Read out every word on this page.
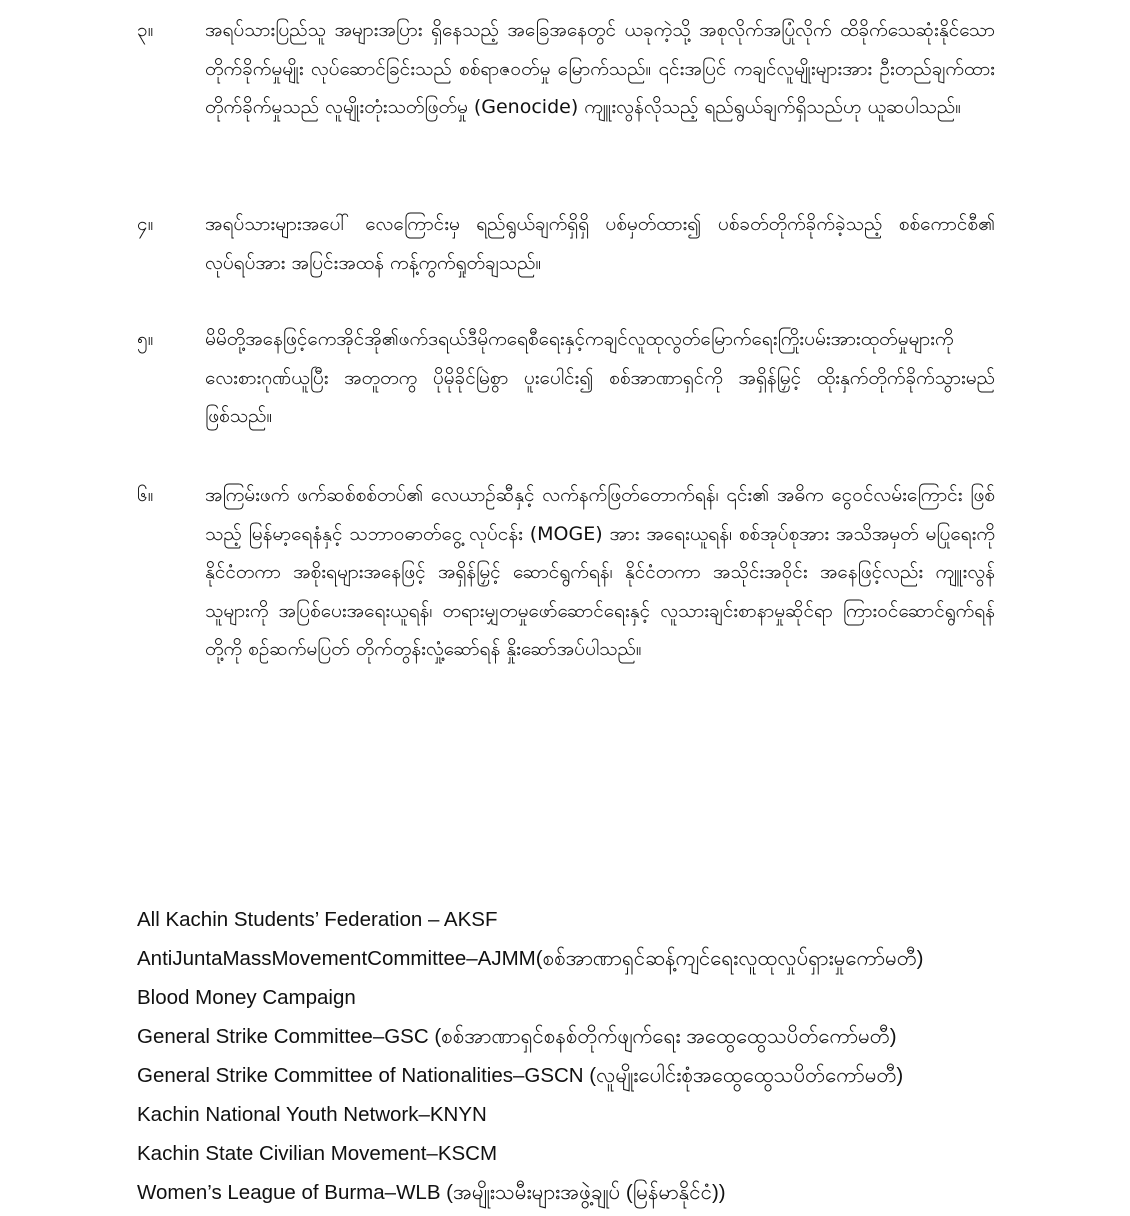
၃။	အရပ်သားပြည်သူ အများအပြား ရှိနေသည့် အခြေအနေတွင် ယခုကဲ့သို့ အစုလိုက်အပြုံလိုက် ထိခိုက်သေဆုံးနိုင်သော တိုက်ခိုက်မှုမျိုး လုပ်ဆောင်ခြင်းသည် စစ်ရာဇဝတ်မှု မြောက်သည်။ ၎င်းအပြင် ကချင်လူမျိုးများအား ဦးတည်ချက်ထားတိုက်ခိုက်မှုသည် လူမျိုးတုံးသတ်ဖြတ်မှု (Genocide) ကျူးလွန်လိုသည့် ရည်ရွယ်ချက်ရှိသည်ဟု ယူဆပါသည်။
၄။	အရပ်သားများအပေါ် လေကြောင်းမှ ရည်ရွယ်ချက်ရှိရှိ ပစ်မှတ်ထား၍ ပစ်ခတ်တိုက်ခိုက်ခဲ့သည့် စစ်ကောင်စီ၏ လုပ်ရပ်အား အပြင်းအထန် ကန့်ကွက်ရှုတ်ချသည်။
၅။	မိမိတို့အနေဖြင့်ကေအိုင်အို၏ဖက်ဒရယ်ဒီမိုကရေစီရေးနှင့်ကချင်လူထုလွတ်မြောက်ရေးကြိုးပမ်းအားထုတ်မှုများကို လေးစားဂုဏ်ယူပြီး အတူတကွ ပိုမိုခိုင်မြဲစွာ ပူးပေါင်း၍ စစ်အာဏာရှင်ကို အရှိန်မြှင့် ထိုးနှက်တိုက်ခိုက်သွားမည်ဖြစ်သည်။
၆။	အကြမ်းဖက် ဖက်ဆစ်စစ်တပ်၏ လေယာဉ်ဆီနှင့် လက်နက်ဖြတ်တောက်ရန်၊ ၎င်း၏ အဓိက ငွေဝင်လမ်းကြောင်း ဖြစ်သည့် မြန်မာ့ရေနံနှင့် သဘာဝဓာတ်ငွေ့ လုပ်ငန်း (MOGE) အား အရေးယူရန်၊ စစ်အုပ်စုအား အသိအမှတ် မပြုရေးကို နိုင်ငံတကာ အစိုးရများအနေဖြင့် အရှိန်မြှင့် ဆောင်ရွက်ရန်၊ နိုင်ငံတကာ အသိုင်းအဝိုင်း အနေဖြင့်လည်း ကျူးလွန်သူများကို အပြစ်ပေးအရေးယူရန်၊ တရားမျှတမှုဖော်ဆောင်ရေးနှင့် လူသားချင်းစာနာမှုဆိုင်ရာ ကြားဝင်ဆောင်ရွက်ရန်တို့ကို စဉ်ဆက်မပြတ် တိုက်တွန်းလှုံ့ဆော်ရန် နှိုးဆော်အပ်ပါသည်။
All Kachin Students’ Federation – AKSF
AntiJuntaMassMovementCommittee–AJMM(စစ်အာဏာရှင်ဆန့်ကျင်ရေးလူထုလှုပ်ရှားမှုကော်မတီ)
Blood Money Campaign
General Strike Committee–GSC (စစ်အာဏာရှင်စနစ်တိုက်ဖျက်ရေး အထွေထွေသပိတ်ကော်မတီ)
General Strike Committee of Nationalities–GSCN (လူမျိုးပေါင်းစုံအထွေထွေသပိတ်ကော်မတီ)
Kachin National Youth Network–KNYN
Kachin State Civilian Movement–KSCM
Women’s League of Burma–WLB (အမျိုးသမီးများအဖွဲ့ချုပ် (မြန်မာနိုင်ငံ))
